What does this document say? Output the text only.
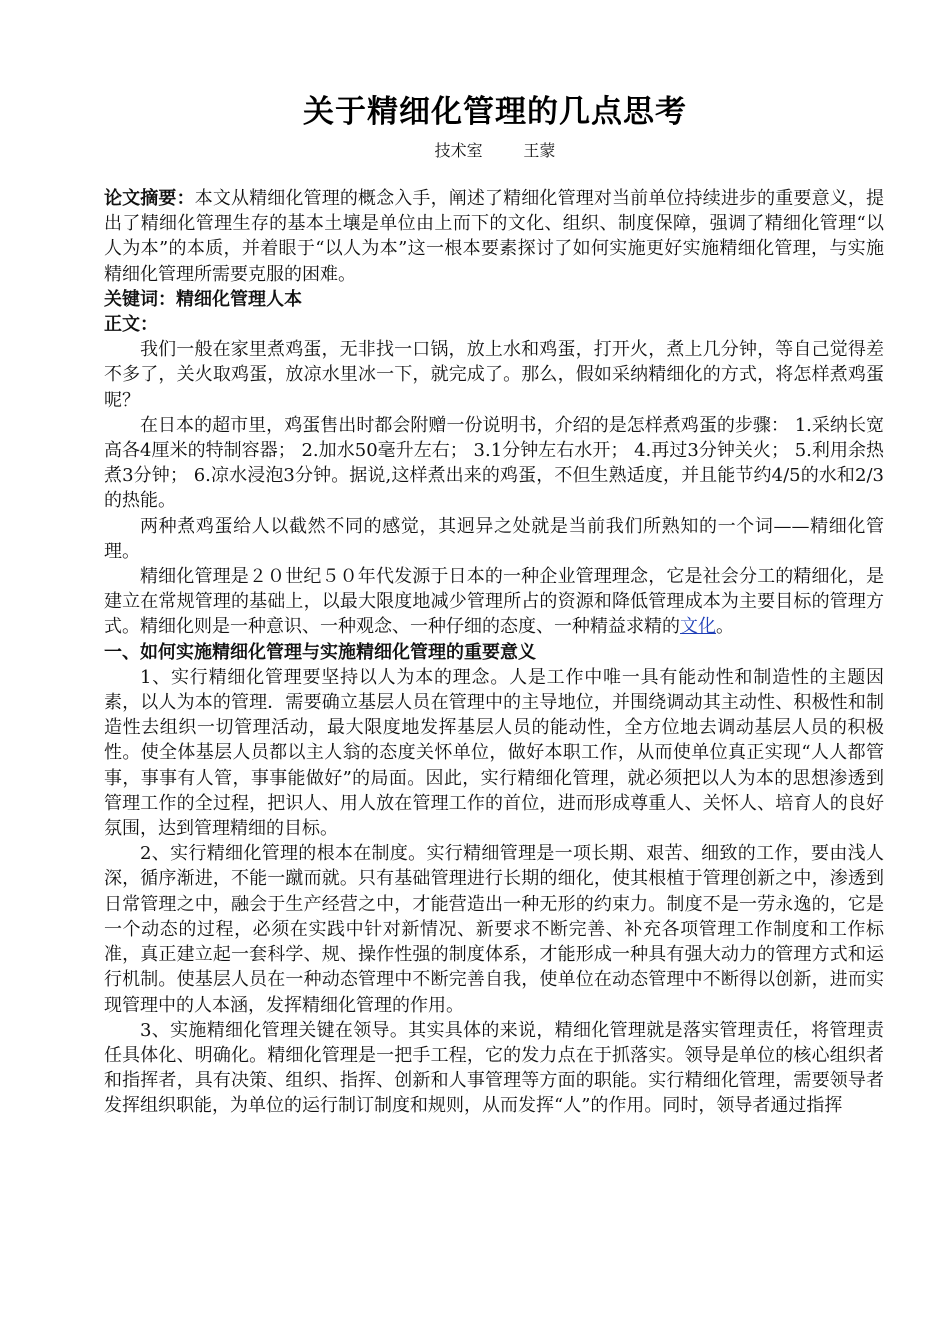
关于精细化管理的几点思考
技术室        王蒙

论文摘要：本文从精细化管理的概念入手，阐述了精细化管理对当前单位持续进步的重要意义，提出了精细化管理生存的基本土壤是单位由上而下的文化、组织、制度保障，强调了精细化管理“以人为本”的本质，并着眼于“以人为本”这一根本要素探讨了如何实施更好实施精细化管理，与实施精细化管理所需要克服的困难。

关键词：精细化管理人本

正文：

我们一般在家里煮鸡蛋，无非找一口锅，放上水和鸡蛋，打开火，煮上几分钟，等自己觉得差不多了，关火取鸡蛋，放凉水里冰一下，就完成了。那么，假如采纳精细化的方式，将怎样煮鸡蛋呢？

在日本的超市里，鸡蛋售出时都会附赠一份说明书，介绍的是怎样煮鸡蛋的步骤： 1.采纳长宽高各4厘米的特制容器； 2.加水50毫升左右； 3.1分钟左右水开； 4.再过3分钟关火； 5.利用余热煮3分钟； 6.凉水浸泡3分钟。据说,这样煮出来的鸡蛋，不但生熟适度，并且能节约4/5的水和2/3的热能。

两种煮鸡蛋给人以截然不同的感觉，其迥异之处就是当前我们所熟知的一个词——精细化管理。

精细化管理是２０世纪５０年代发源于日本的一种企业管理理念，它是社会分工的精细化，是建立在常规管理的基础上，以最大限度地减少管理所占的资源和降低管理成本为主要目标的管理方式。精细化则是一种意识、一种观念、一种仔细的态度、一种精益求精的文化。

一、如何实施精细化管理与实施精细化管理的重要意义

1、实行精细化管理要坚持以人为本的理念。人是工作中唯一具有能动性和制造性的主题因素，以人为本的管理．需要确立基层人员在管理中的主导地位，并围绕调动其主动性、积极性和制造性去组织一切管理活动，最大限度地发挥基层人员的能动性，全方位地去调动基层人员的积极性。使全体基层人员都以主人翁的态度关怀单位，做好本职工作，从而使单位真正实现“人人都管事，事事有人管，事事能做好”的局面。因此，实行精细化管理，就必须把以人为本的思想渗透到管理工作的全过程，把识人、用人放在管理工作的首位，进而形成尊重人、关怀人、培育人的良好氛围，达到管理精细的目标。

2、实行精细化管理的根本在制度。实行精细管理是一项长期、艰苦、细致的工作，要由浅人深，循序渐进，不能一蹴而就。只有基础管理进行长期的细化，使其根植于管理创新之中，渗透到日常管理之中，融会于生产经营之中，才能营造出一种无形的约束力。制度不是一劳永逸的，它是一个动态的过程，必须在实践中针对新情况、新要求不断完善、补充各项管理工作制度和工作标准，真正建立起一套科学、规、操作性强的制度体系，才能形成一种具有强大动力的管理方式和运行机制。使基层人员在一种动态管理中不断完善自我，使单位在动态管理中不断得以创新，进而实现管理中的人本涵，发挥精细化管理的作用。

3、实施精细化管理关键在领导。其实具体的来说，精细化管理就是落实管理责任，将管理责任具体化、明确化。精细化管理是一把手工程，它的发力点在于抓落实。领导是单位的核心组织者和指挥者，具有决策、组织、指挥、创新和人事管理等方面的职能。实行精细化管理，需要领导者发挥组织职能，为单位的运行制订制度和规则，从而发挥“人”的作用。同时，领导者通过指挥
